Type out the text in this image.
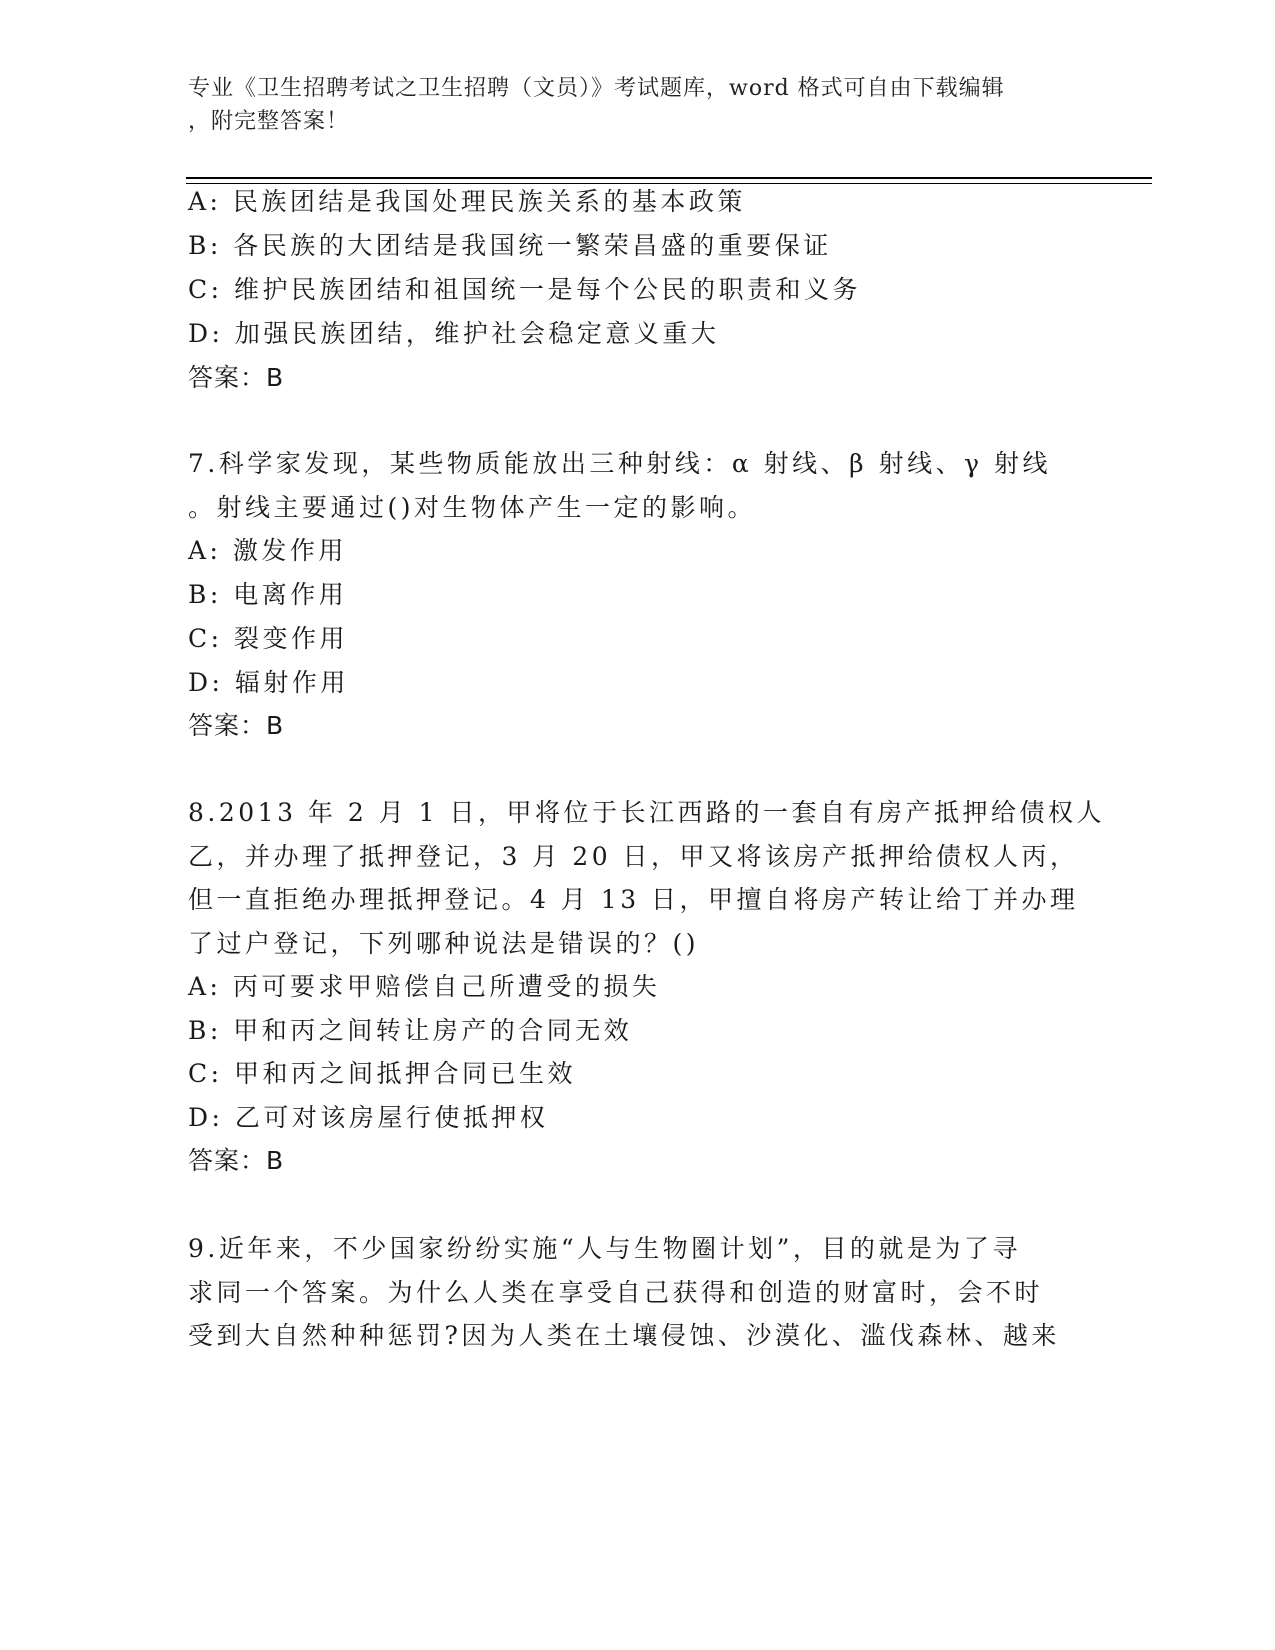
专业《卫生招聘考试之卫生招聘（文员）》考试题库，word 格式可自由下载编辑
，附完整答案！
A: 民族团结是我国处理民族关系的基本政策
B: 各民族的大团结是我国统一繁荣昌盛的重要保证
C: 维护民族团结和祖国统一是每个公民的职责和义务
D: 加强民族团结，维护社会稳定意义重大
答案：B
7.科学家发现，某些物质能放出三种射线：α 射线、β 射线、γ 射线
。射线主要通过()对生物体产生一定的影响。
A: 激发作用
B: 电离作用
C: 裂变作用
D: 辐射作用
答案：B
8.2013 年 2 月 1 日，甲将位于长江西路的一套自有房产抵押给债权人
乙，并办理了抵押登记，3 月 20 日，甲又将该房产抵押给债权人丙，
但一直拒绝办理抵押登记。4 月 13 日，甲擅自将房产转让给丁并办理
了过户登记，下列哪种说法是错误的？()
A: 丙可要求甲赔偿自己所遭受的损失
B: 甲和丙之间转让房产的合同无效
C: 甲和丙之间抵押合同已生效
D: 乙可对该房屋行使抵押权
答案：B
9.近年来，不少国家纷纷实施“人与生物圈计划”，目的就是为了寻
求同一个答案。为什么人类在享受自己获得和创造的财富时，会不时
受到大自然种种惩罚?因为人类在土壤侵蚀、沙漠化、滥伐森林、越来
